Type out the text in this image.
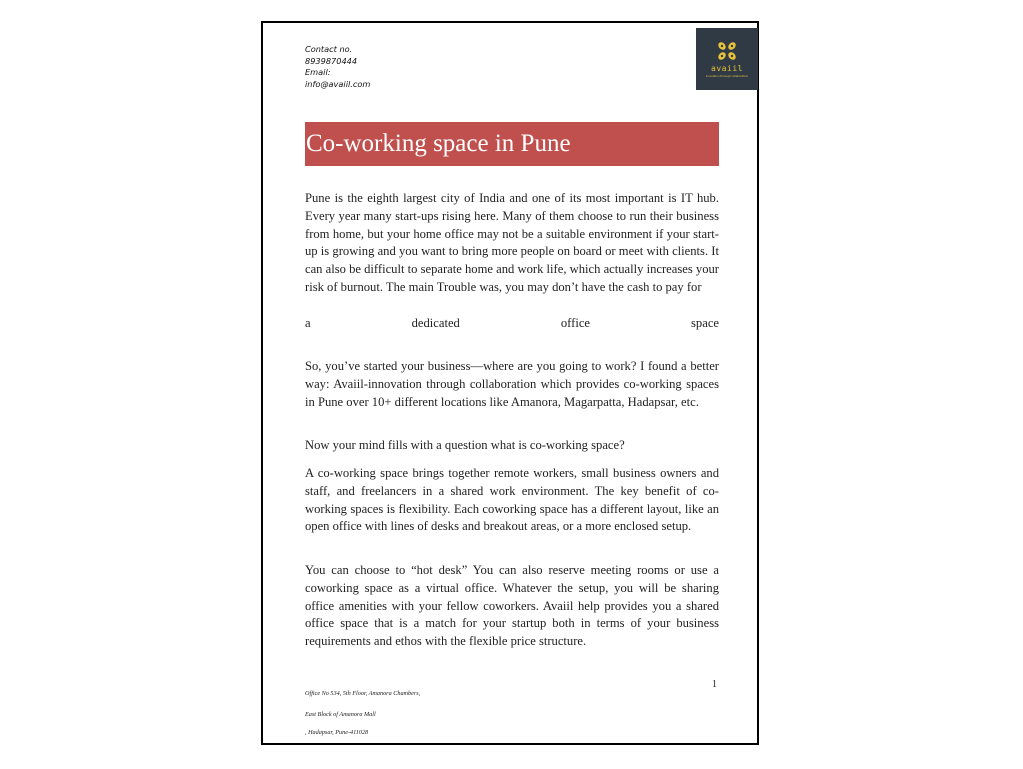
Contact no.
8939870444
Email:
info@avaiil.com
avaiil
innovation through collaboration
Co-working space in Pune

Pune is the eighth largest city of India and one of its most important is IT hub. Every year many start-ups rising here. Many of them choose to run their business from home, but your home office may not be a suitable environment if your start-up is growing and you want to bring more people on board or meet with clients. It can also be difficult to separate home and work life, which actually increases your risk of burnout. The main Trouble was, you may don’t have the cash to pay for

a	dedicated	office	space

So, you’ve started your business—where are you going to work? I found a better way: Avaiil-innovation through collaboration which provides co-working spaces in Pune over 10+ different locations like Amanora, Magarpatta, Hadapsar, etc.

Now your mind fills with a question what is co-working space?

A co-working space brings together remote workers, small business owners and staff, and freelancers in a shared work environment. The key benefit of co-working spaces is flexibility. Each coworking space has a different layout, like an open office with lines of desks and breakout areas, or a more enclosed setup.

You can choose to “hot desk” You can also reserve meeting rooms or use a coworking space as a virtual office. Whatever the setup, you will be sharing office amenities with your fellow coworkers. Avaiil help provides you a shared office space that is a match for your startup both in terms of your business requirements and ethos with the flexible price structure.

1
Office No 534, 5th Floor, Amanora Chambers,
East Block of Amanora Mall
, Hadapsar, Pune-411028
